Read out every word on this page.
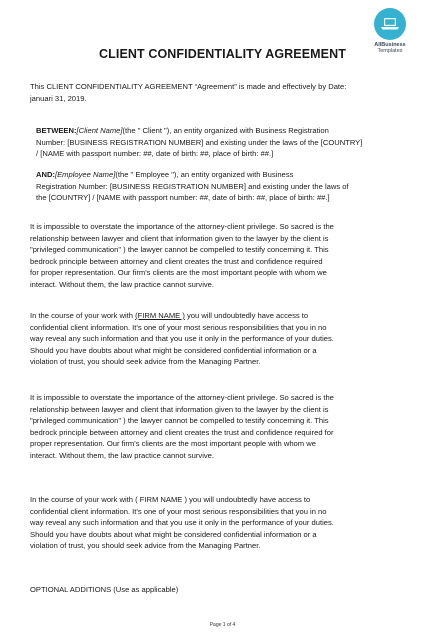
AllBusiness
Templates
CLIENT CONFIDENTIALITY AGREEMENT
This CLIENT CONFIDENTIALITY AGREEMENT “Agreement” is made and effectively by Date:
januari 31, 2019.
BETWEEN:[Client Name](the " Client "), an entity organized with Business Registration
Number: [BUSINESS REGISTRATION NUMBER] and existing under the laws of the [COUNTRY]
/ [NAME with passport number: ##, date of birth: ##, place of birth: ##.]
AND:[Employee Name](the " Employee "), an entity organized with Business
Registration Number: [BUSINESS REGISTRATION NUMBER] and existing under the laws of
the [COUNTRY] / [NAME with passport number: ##, date of birth: ##, place of birth: ##.]
It is impossible to overstate the importance of the attorney-client privilege. So sacred is the
relationship between lawyer and client that information given to the lawyer by the client is
"privileged communication" ) the lawyer cannot be compelled to testify concerning it. This
bedrock principle between attorney and client creates the trust and confidence required
for proper representation. Our firm's clients are the most important people with whom we
interact. Without them, the law practice cannot survive.
In the course of your work with (FIRM NAME ) you will undoubtedly have access to
confidential client information. It's one of your most serious responsibilities that you in no
way reveal any such information and that you use it only in the performance of your duties.
Should you have doubts about what might be considered confidential information or a
violation of trust, you should seek advice from the Managing Partner.
It is impossible to overstate the importance of the attorney-client privilege. So sacred is the
relationship between lawyer and client that information given to the lawyer by the client is
"privileged communication" ) the lawyer cannot be compelled to testify concerning it. This
bedrock principle between attorney and client creates the trust and confidence required for
proper representation. Our firm's clients are the most important people with whom we
interact. Without them, the law practice cannot survive.
In the course of your work with ( FIRM NAME ) you will undoubtedly have access to
confidential client information. It's one of your most serious responsibilities that you in no
way reveal any such information and that you use it only in the performance of your duties.
Should you have doubts about what might be considered confidential information or a
violation of trust, you should seek advice from the Managing Partner.
OPTIONAL ADDITIONS (Use as applicable)
Page 1 of 4
